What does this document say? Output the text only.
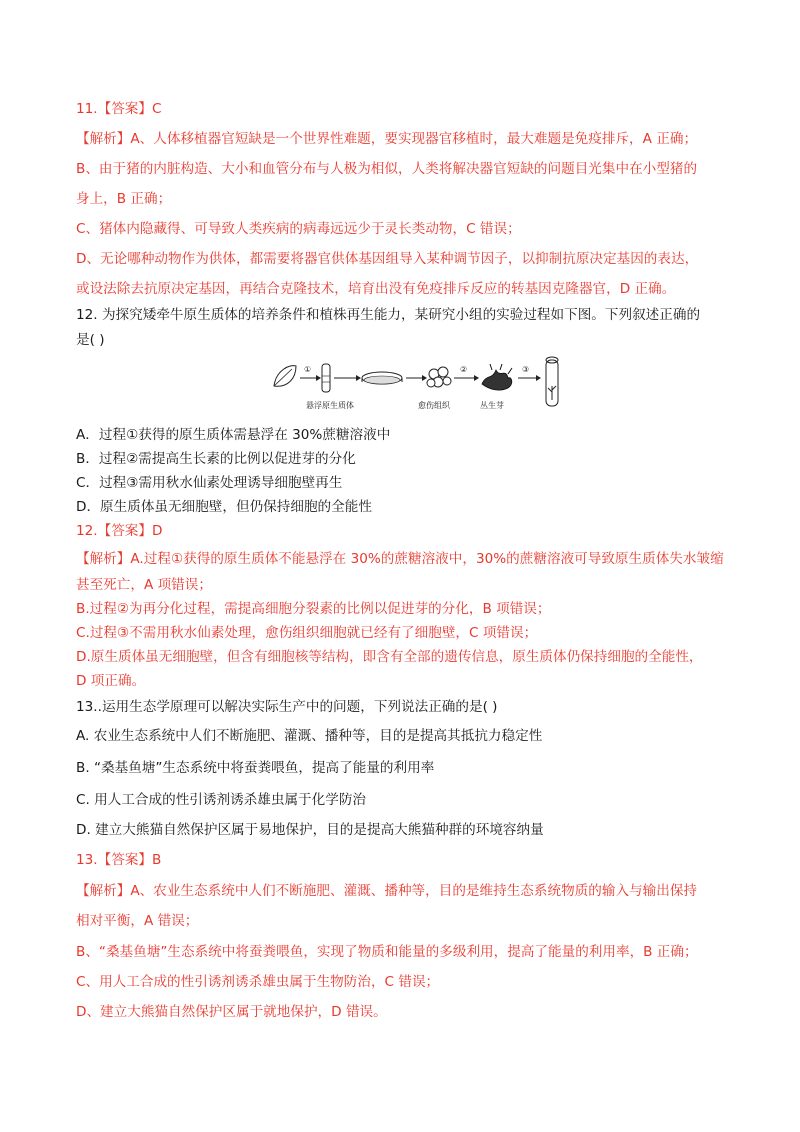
11.【答案】C
【解析】A、人体移植器官短缺是一个世界性难题，要实现器官移植时，最大难题是免疫排斥，A 正确；
B、由于猪的内脏构造、大小和血管分布与人极为相似，人类将解决器官短缺的问题目光集中在小型猪的
身上，B 正确；
C、猪体内隐藏得、可导致人类疾病的病毒远远少于灵长类动物，C 错误；
D、无论哪种动物作为供体，都需要将器官供体基因组导入某种调节因子，以抑制抗原决定基因的表达，
或设法除去抗原决定基因，再结合克隆技术，培育出没有免疫排斥反应的转基因克隆器官，D 正确。
12. 为探究矮牵牛原生质体的培养条件和植株再生能力，某研究小组的实验过程如下图。下列叙述正确的
是( )
①
悬浮原生质体	愈伤组织
②
丛生芽
③
A．过程①获得的原生质体需悬浮在 30%蔗糖溶液中
B．过程②需提高生长素的比例以促进芽的分化
C．过程③需用秋水仙素处理诱导细胞壁再生
D．原生质体虽无细胞壁，但仍保持细胞的全能性
12.【答案】D
【解析】A.过程①获得的原生质体不能悬浮在 30%的蔗糖溶液中，30%的蔗糖溶液可导致原生质体失水皱缩
甚至死亡，A 项错误；
B.过程②为再分化过程，需提高细胞分裂素的比例以促进芽的分化，B 项错误；
C.过程③不需用秋水仙素处理，愈伤组织细胞就已经有了细胞壁，C 项错误；
D.原生质体虽无细胞壁，但含有细胞核等结构，即含有全部的遗传信息，原生质体仍保持细胞的全能性，
D 项正确。
13..运用生态学原理可以解决实际生产中的问题，下列说法正确的是( )
A. 农业生态系统中人们不断施肥、灌溉、播种等，目的是提高其抵抗力稳定性
B. “桑基鱼塘”生态系统中将蚕粪喂鱼，提高了能量的利用率
C. 用人工合成的性引诱剂诱杀雄虫属于化学防治
D. 建立大熊猫自然保护区属于易地保护，目的是提高大熊猫种群的环境容纳量
13.【答案】B
【解析】A、农业生态系统中人们不断施肥、灌溉、播种等，目的是维持生态系统物质的输入与输出保持
相对平衡，A 错误；
B、“桑基鱼塘”生态系统中将蚕粪喂鱼，实现了物质和能量的多级利用，提高了能量的利用率，B 正确；
C、用人工合成的性引诱剂诱杀雄虫属于生物防治，C 错误；
D、建立大熊猫自然保护区属于就地保护，D 错误。
